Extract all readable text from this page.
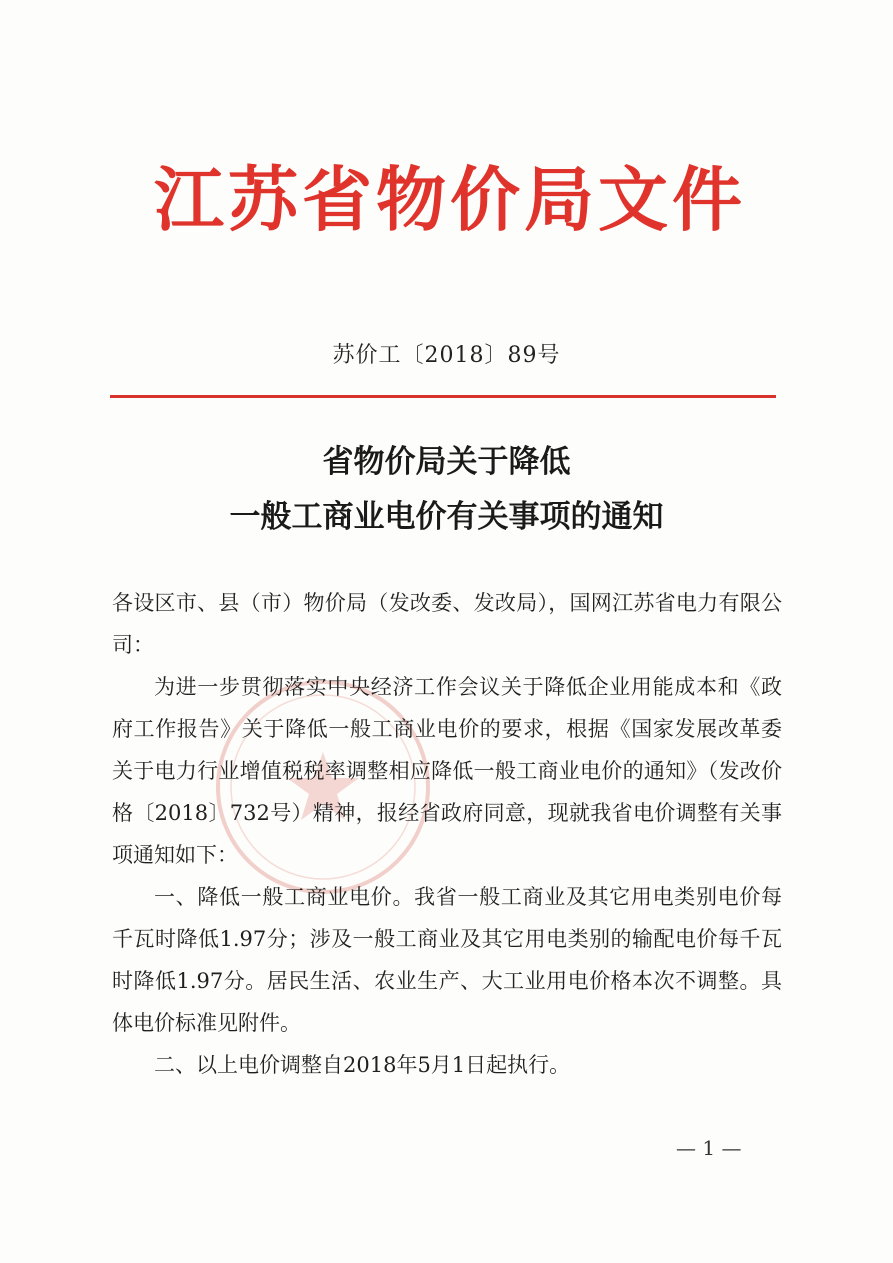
江苏省物价局文件
苏价工〔2018〕89号
省物价局关于降低
一般工商业电价有关事项的通知

各设区市、县（市）物价局（发改委、发改局），国网江苏省电力有限公司：

为进一步贯彻落实中央经济工作会议关于降低企业用能成本和《政府工作报告》关于降低一般工商业电价的要求，根据《国家发展改革委关于电力行业增值税税率调整相应降低一般工商业电价的通知》（发改价格〔2018〕732号）精神，报经省政府同意，现就我省电价调整有关事项通知如下：

一、降低一般工商业电价。我省一般工商业及其它用电类别电价每千瓦时降低1.97分；涉及一般工商业及其它用电类别的输配电价每千瓦时降低1.97分。居民生活、农业生产、大工业用电价格本次不调整。具体电价标准见附件。

二、以上电价调整自2018年5月1日起执行。

— 1 —
